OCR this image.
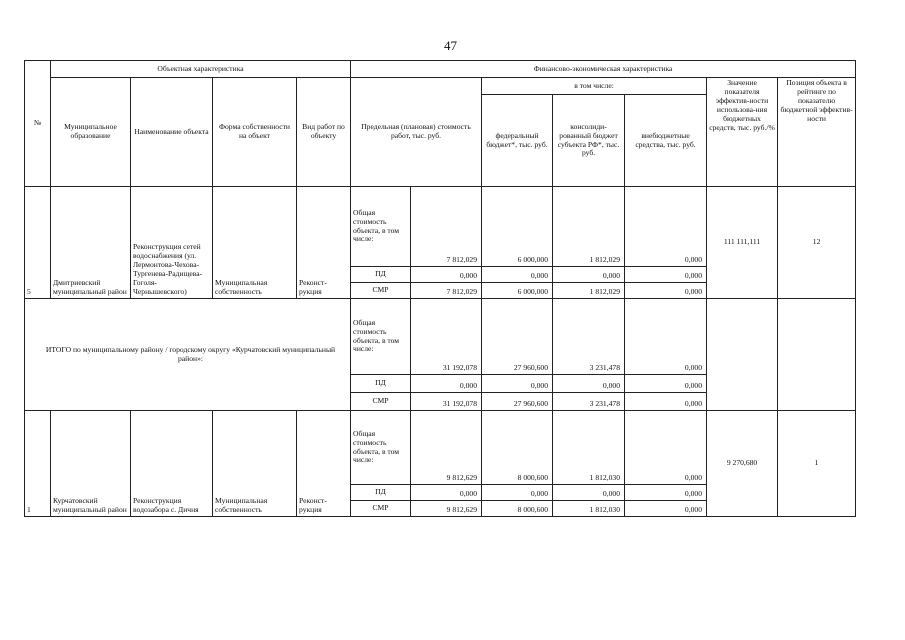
47
№	Объектная характеристика				Финансово-экономическая характеристика						
	Муниципальное образование	Наименование объекта	Форма собственности на объект	Вид работ по объекту	Предельная (плановая) стоимость работ, тыс. руб.		в том числе:			Значение показателя эффектив-ности использова-ния бюджетных средств, тыс. руб./%	Позиция объекта в рейтинге по показателю бюджетной эффектив-ности
							федеральный бюджет*, тыс. руб.	консолиди-рованный бюджет субъекта РФ*, тыс. руб.	внебюджетные средства, тыс. руб.		
5	Дмитриевский муниципальный район	Реконструкция сетей водоснабжения (ул. Лермонтова-Чехова-Тургенева-Радищева-Гоголя-Чернышевского)	Муниципальная собственность	Реконст-рукция	Общая стоимость объекта, в том числе:	7 812,029	6 000,000	1 812,029	0,000	111 111,111	12
					ПД	0,000	0,000	0,000	0,000		
					СМР	7 812,029	6 000,000	1 812,029	0,000		
ИТОГО по муниципальному району / городскому округу «Курчатовский муниципальный район»:					Общая стоимость объекта, в том числе:	31 192,078	27 960,600	3 231,478	0,000		
					ПД	0,000	0,000	0,000	0,000		
					СМР	31 192,078	27 960,600	3 231,478	0,000		
1	Курчатовский муниципальный район	Реконструкция водозабора с. Дичня	Муниципальная собственность	Реконст-рукция	Общая стоимость объекта, в том числе:	9 812,629	8 000,600	1 812,030	0,000	9 270,680	1
					ПД	0,000	0,000	0,000	0,000		
					СМР	9 812,629	8 000,600	1 812,030	0,000		
